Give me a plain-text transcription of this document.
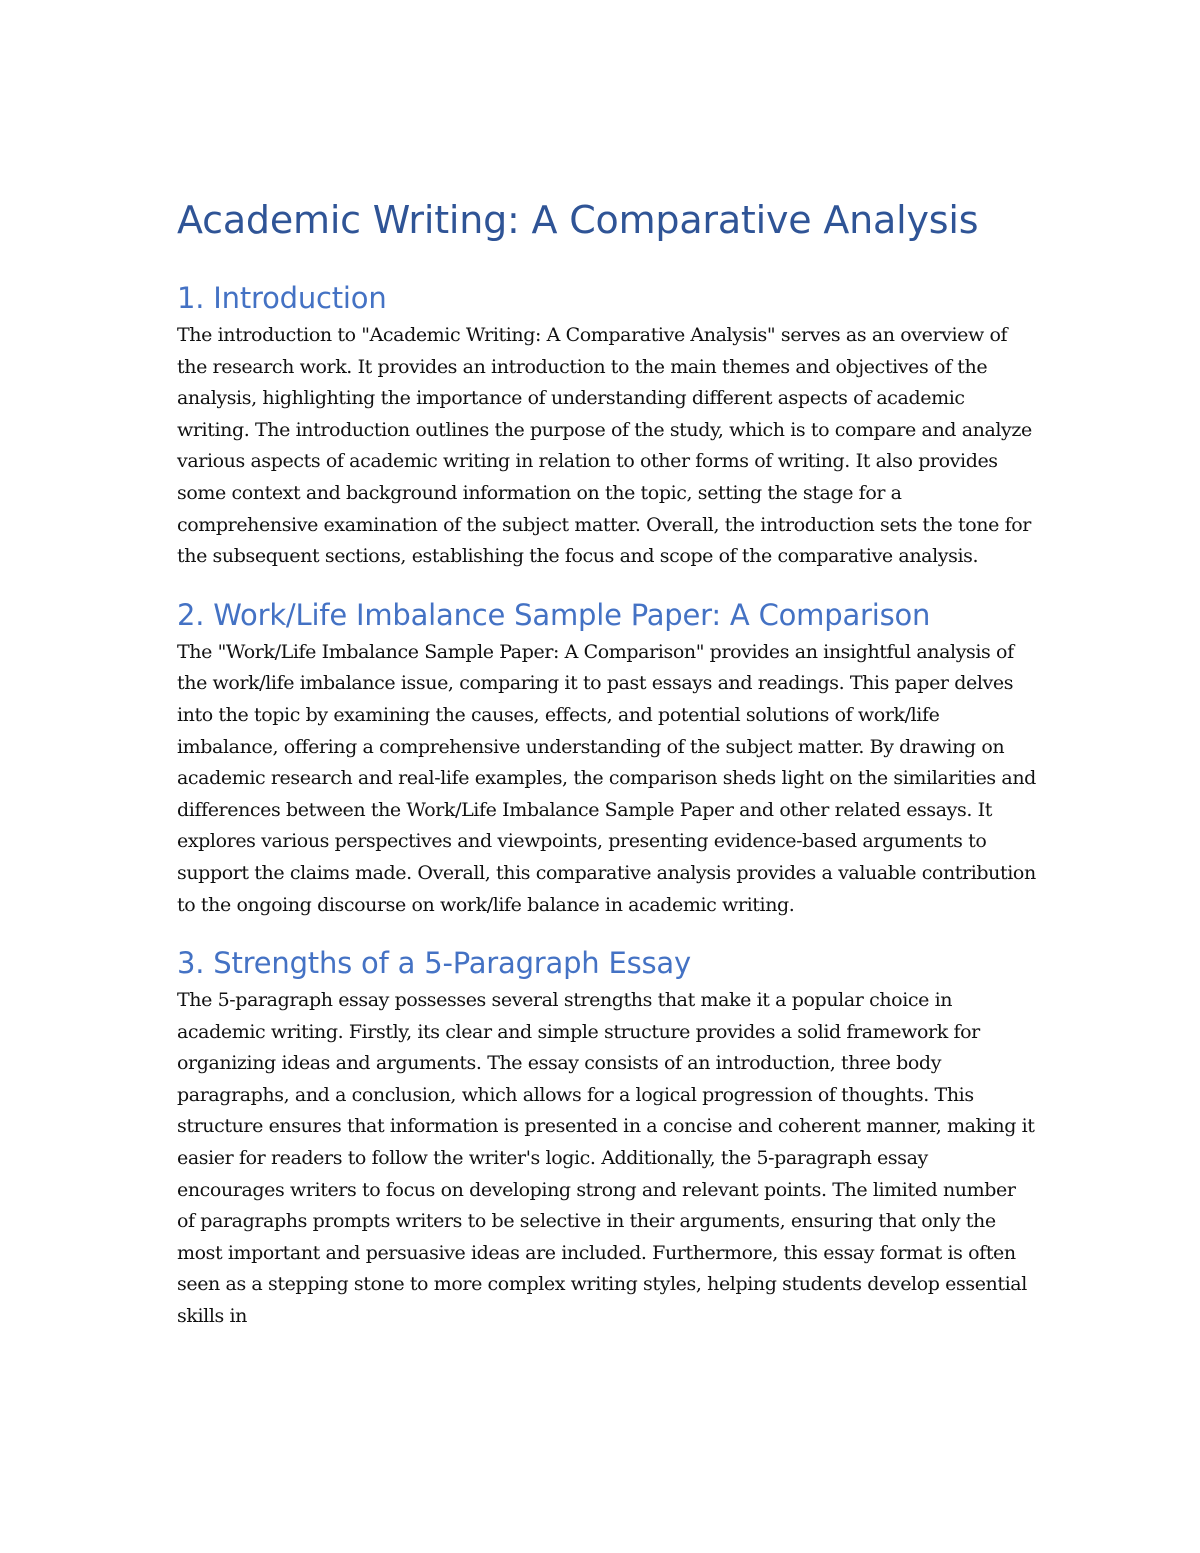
Academic Writing: A Comparative Analysis
1. Introduction

The introduction to "Academic Writing: A Comparative Analysis" serves as an overview of the research work. It provides an introduction to the main themes and objectives of the analysis, highlighting the importance of understanding different aspects of academic writing. The introduction outlines the purpose of the study, which is to compare and analyze various aspects of academic writing in relation to other forms of writing. It also provides some context and background information on the topic, setting the stage for a comprehensive examination of the subject matter. Overall, the introduction sets the tone for the subsequent sections, establishing the focus and scope of the comparative analysis.

2. Work/Life Imbalance Sample Paper: A Comparison

The "Work/Life Imbalance Sample Paper: A Comparison" provides an insightful analysis of the work/life imbalance issue, comparing it to past essays and readings. This paper delves into the topic by examining the causes, effects, and potential solutions of work/life imbalance, offering a comprehensive understanding of the subject matter. By drawing on academic research and real-life examples, the comparison sheds light on the similarities and differences between the Work/Life Imbalance Sample Paper and other related essays. It explores various perspectives and viewpoints, presenting evidence-based arguments to support the claims made. Overall, this comparative analysis provides a valuable contribution to the ongoing discourse on work/life balance in academic writing.

3. Strengths of a 5-Paragraph Essay

The 5-paragraph essay possesses several strengths that make it a popular choice in academic writing. Firstly, its clear and simple structure provides a solid framework for organizing ideas and arguments. The essay consists of an introduction, three body paragraphs, and a conclusion, which allows for a logical progression of thoughts. This structure ensures that information is presented in a concise and coherent manner, making it easier for readers to follow the writer's logic. Additionally, the 5-paragraph essay encourages writers to focus on developing strong and relevant points. The limited number of paragraphs prompts writers to be selective in their arguments, ensuring that only the most important and persuasive ideas are included. Furthermore, this essay format is often seen as a stepping stone to more complex writing styles, helping students develop essential skills in
